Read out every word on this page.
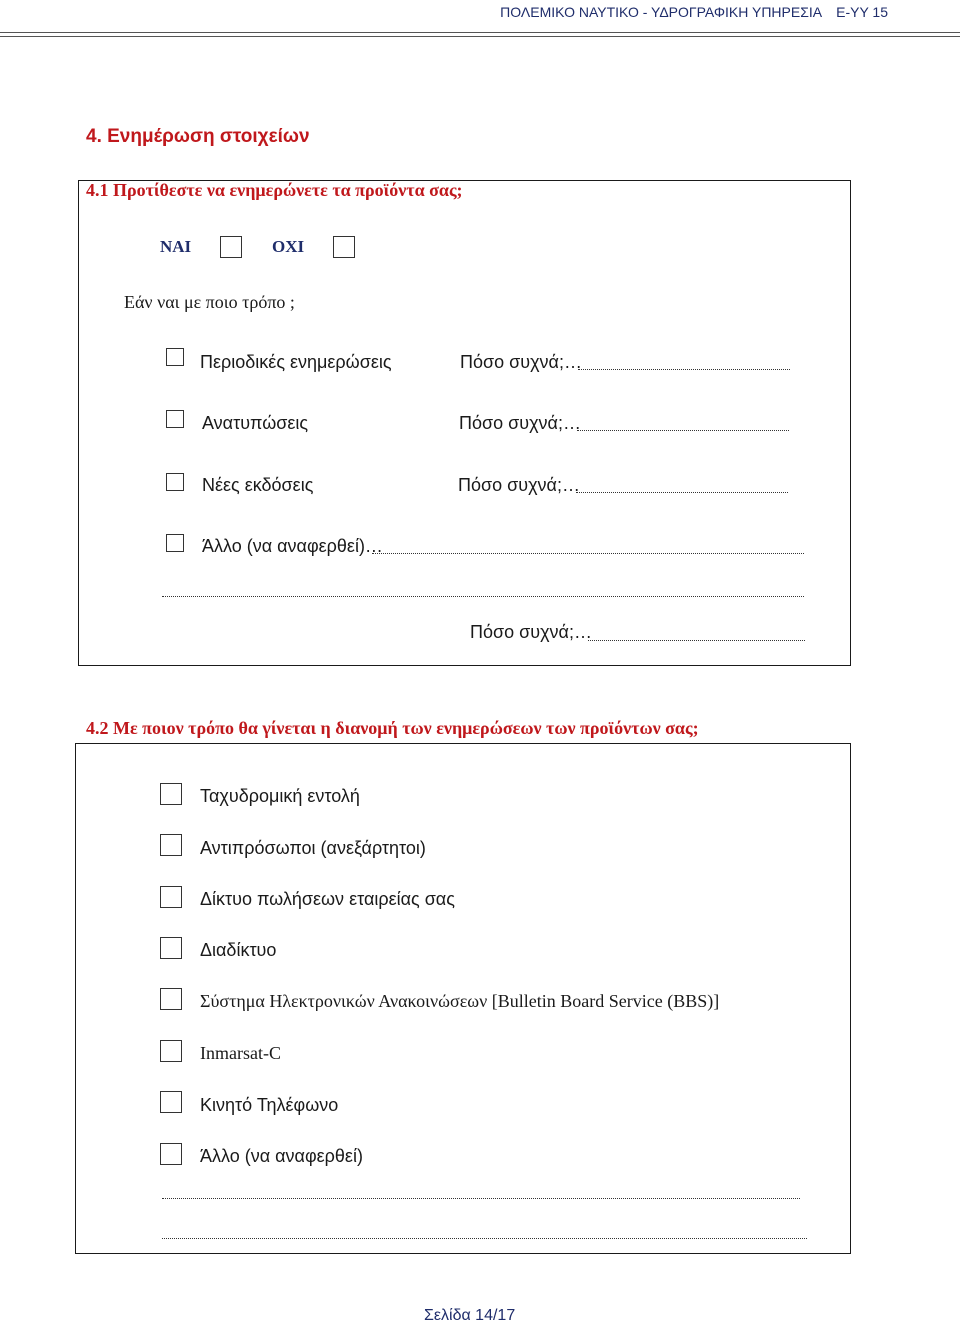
ΠΟΛΕΜΙΚΟ ΝΑΥΤΙΚΟ - ΥΔΡΟΓΡΑΦΙΚΗ ΥΠΗΡΕΣΙΑ Ε-ΥΥ 15
4. Ενημέρωση στοιχείων
4.1 Προτίθεστε να ενημερώνετε τα προϊόντα σας;
ΝΑΙ	ΟΧΙ
Εάν ναι με ποιο τρόπο ;
Περιοδικές ενημερώσεις	Πόσο συχνά;…
Ανατυπώσεις	Πόσο συχνά;…
Νέες εκδόσεις	Πόσο συχνά;…
Άλλο (να αναφερθεί)…
Πόσο συχνά;…
4.2 Με ποιον τρόπο θα γίνεται η διανομή των ενημερώσεων των προϊόντων σας;
Ταχυδρομική εντολή
Αντιπρόσωποι (ανεξάρτητοι)
Δίκτυο πωλήσεων εταιρείας σας
Διαδίκτυο
Σύστημα Ηλεκτρονικών Ανακοινώσεων [Bulletin Board Service (BBS)]
Inmarsat-C
Κινητό Τηλέφωνο
Άλλο (να αναφερθεί)
Σελίδα 14/17
